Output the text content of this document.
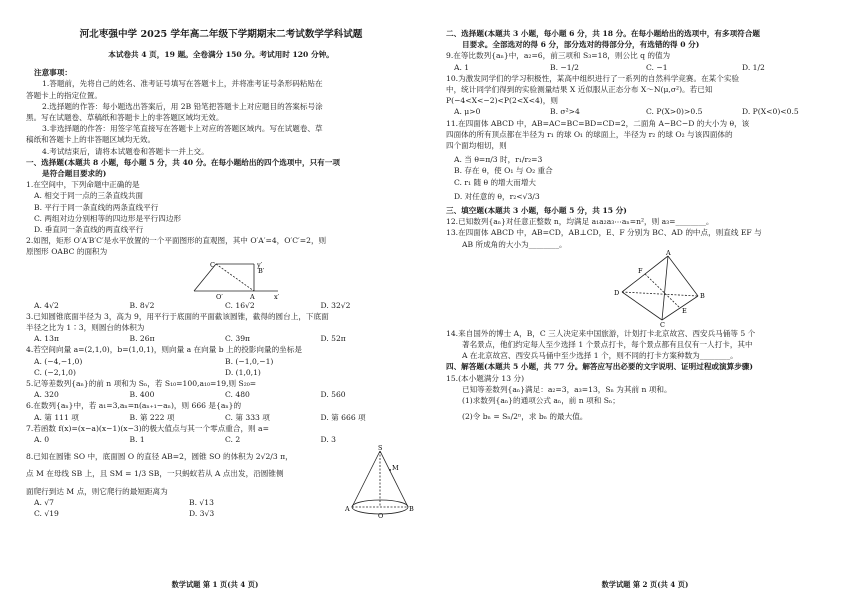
河北枣强中学 2025 学年高二年级下学期期末二考试数学学科试题

本试卷共 4 页，19 题。全卷满分 150 分。考试用时 120 分钟。

注意事项：

1.答题前，先将自己的姓名、准考证号填写在答题卡上，并将准考证号条形码粘贴在

答题卡上的指定位置。

2.选择题的作答：每小题选出答案后，用 2B 铅笔把答题卡上对应题目的答案标号涂

黑。写在试题卷、草稿纸和答题卡上的非答题区域均无效。

3.非选择题的作答：用签字笔直接写在答题卡上对应的答题区域内。写在试题卷、草

稿纸和答题卡上的非答题区域均无效。

4.考试结束后，请将本试题卷和答题卡一并上交。

一、选择题(本题共 8 小题，每小题 5 分，共 40 分。在每小题给出的四个选项中，只有一项

是符合题目要求的)

1.在空间中，下列命题中正确的是

A. 相交于同一点的三条直线共面

B. 平行于同一条直线的两条直线平行

C. 两组对边分别相等的四边形是平行四边形

D. 垂直同一条直线的两直线平行

2.如图，矩形 O′A′B′C′是水平放置的一个平面图形的直观图，其中 O′A′=4，O′C′=2，则

原图形 OABC 的面积为

C	y′
B′
O′	A	x′
A. 4√2	B. 8√2	C. 16√2	D. 32√2

3.已知圆锥底面半径为 3，高为 9，用平行于底面的平面截该圆锥，截得的圆台上，下底面

半径之比为 1∶3，则圆台的体积为

A. 13π	B. 26π	C. 39π	D. 52π

4.若空间向量 a=(2,1,0)，b=(1,0,1)，则向量 a 在向量 b 上的投影向量的坐标是

A. (−4,−1,0)	B. (−1,0,−1)
C. (−2,1,0)	D. (1,0,1)

5.记等差数列{aₙ}的前 n 项和为 Sₙ，若 S₁₀=100,a₁₀=19,则 S₂₀=

A. 320	B. 400	C. 480	D. 560

6.在数列{aₙ}中，若 a₁=3,aₙ=n(aₙ₊₁−aₙ)，则 666 是{aₙ}的

A. 第 111 项	B. 第 222 项	C. 第 333 项	D. 第 666 项

7.若函数 f(x)=(x−a)(x−1)(x−3)的极大值点与其一个零点重合，则 a=

A. 0	B. 1	C. 2	D. 3

8.已知在圆锥 SO 中，底面圆 O 的直径 AB=2，圆锥 SO 的体积为 2√2/3 π，

点 M 在母线 SB 上，且 SM = 1/3 SB，一只蚂蚁若从 A 点出发，沿圆锥侧

面爬行到达 M 点，则它爬行的最短距离为

A. √7	B. √13
C. √19	D. 3√3
S
M
A
O
B
数学试题 第 1 页(共 4 页)

二、选择题(本题共 3 小题，每小题 6 分，共 18 分。在每小题给出的选项中，有多项符合题

目要求。全部选对的得 6 分，部分选对的得部分分，有选错的得 0 分)

9.在等比数列{aₙ}中，a₂=6，前三项和 S₃=18，则公比 q 的值为

A. 1	B. −1/2	C. −1	D. 1/2

10.为激发同学们的学习积极性，某高中组织进行了一系列的自然科学竞赛。在某个实验

中，统计同学们得到的实验测量结果 X 近似服从正态分布 X～N(μ,σ²)。若已知

P(−4<X<−2)<P(2<X<4)，则

A. μ>0	B. σ²>4	C. P(X>0)>0.5	D. P(X<0)<0.5

11.在四面体 ABCD 中，AB=AC=BC=BD=CD=2，二面角 A−BC−D 的大小为 θ，该

四面体的所有顶点都在半径为 r₁ 的球 O₁ 的球面上，半径为 r₂ 的球 O₂ 与该四面体的

四个面均相切，则

A. 当 θ=π/3 时，r₁/r₂=3

B. 存在 θ，使 O₁ 与 O₂ 重合

C. r₁ 随 θ 的增大而增大

D. 对任意的 θ，r₂<√3/3

三、填空题(本题共 3 小题，每小题 5 分，共 15 分)

12.已知数列{aₙ}对任意正整数 n，均满足 a₁a₂a₃⋯aₙ=n²，则 a₃=________。

13.在四面体 ABCD 中，AB=CD，AB⊥CD，E、F 分别为 BC、AD 的中点，则直线 EF 与

AB 所成角的大小为________。

A
F
D
E
B
C

14.来自国外的博士 A，B，C 三人决定来中国旅游，计划打卡北京故宫、西安兵马俑等 5 个

著名景点，他们约定每人至少选择 1 个景点打卡，每个景点都有且仅有一人打卡，其中

A 在北京故宫、西安兵马俑中至少选择 1 个，则不同的打卡方案种数为________。

四、解答题(本题共 5 小题，共 77 分。解答应写出必要的文字说明、证明过程或演算步骤)

15.(本小题满分 13 分)

已知等差数列{aₙ}满足：a₂=3，a₃=13，Sₙ 为其前 n 项和。

(1)求数列{aₙ}的通项公式 aₙ，前 n 项和 Sₙ；

(2)令 bₙ = Sₙ/2ⁿ，求 bₙ 的最大值。

数学试题 第 2 页(共 4 页)
